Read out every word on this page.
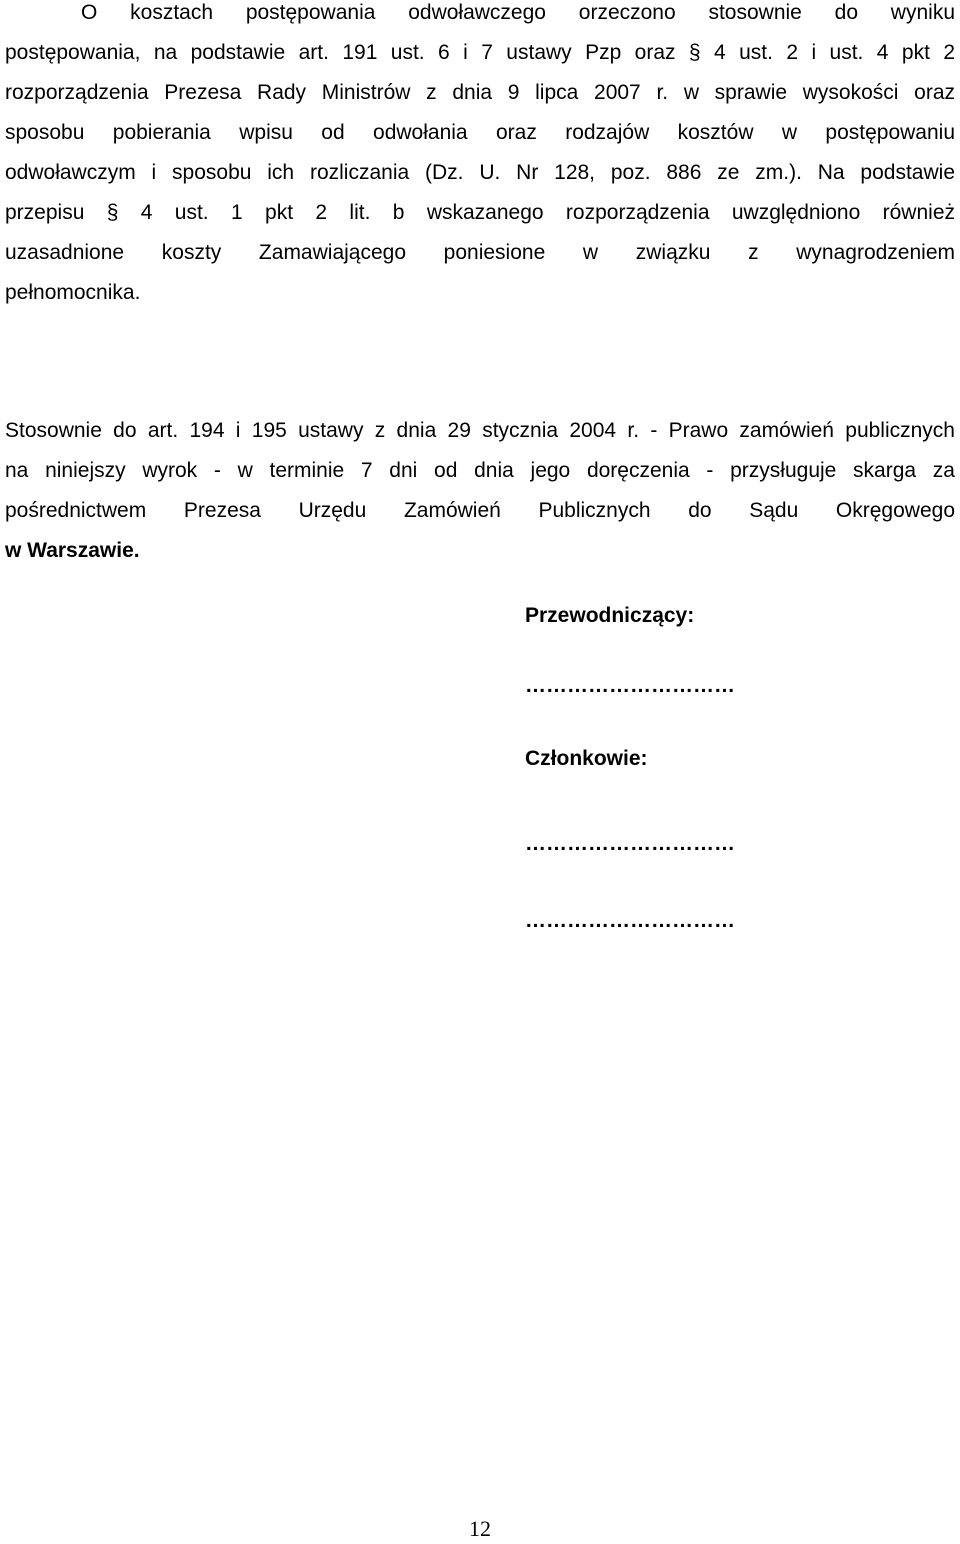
O kosztach postępowania odwoławczego orzeczono stosownie do wyniku
postępowania, na podstawie art. 191 ust. 6 i 7 ustawy Pzp oraz § 4 ust. 2 i ust. 4 pkt 2
rozporządzenia Prezesa Rady Ministrów z dnia 9 lipca 2007 r. w sprawie wysokości oraz
sposobu pobierania wpisu od odwołania oraz rodzajów kosztów w postępowaniu
odwoławczym i sposobu ich rozliczania (Dz. U. Nr 128, poz. 886 ze zm.). Na podstawie
przepisu § 4 ust. 1 pkt 2 lit. b wskazanego rozporządzenia uwzględniono również
uzasadnione koszty Zamawiającego poniesione w związku z wynagrodzeniem
pełnomocnika.

Stosownie do art. 194 i 195 ustawy z dnia 29 stycznia 2004 r. - Prawo zamówień publicznych
na niniejszy wyrok - w terminie 7 dni od dnia jego doręczenia - przysługuje skarga za
pośrednictwem Prezesa Urzędu Zamówień Publicznych do Sądu Okręgowego
w Warszawie.

Przewodniczący:

…………………………

Członkowie:

…………………………

…………………………

12
